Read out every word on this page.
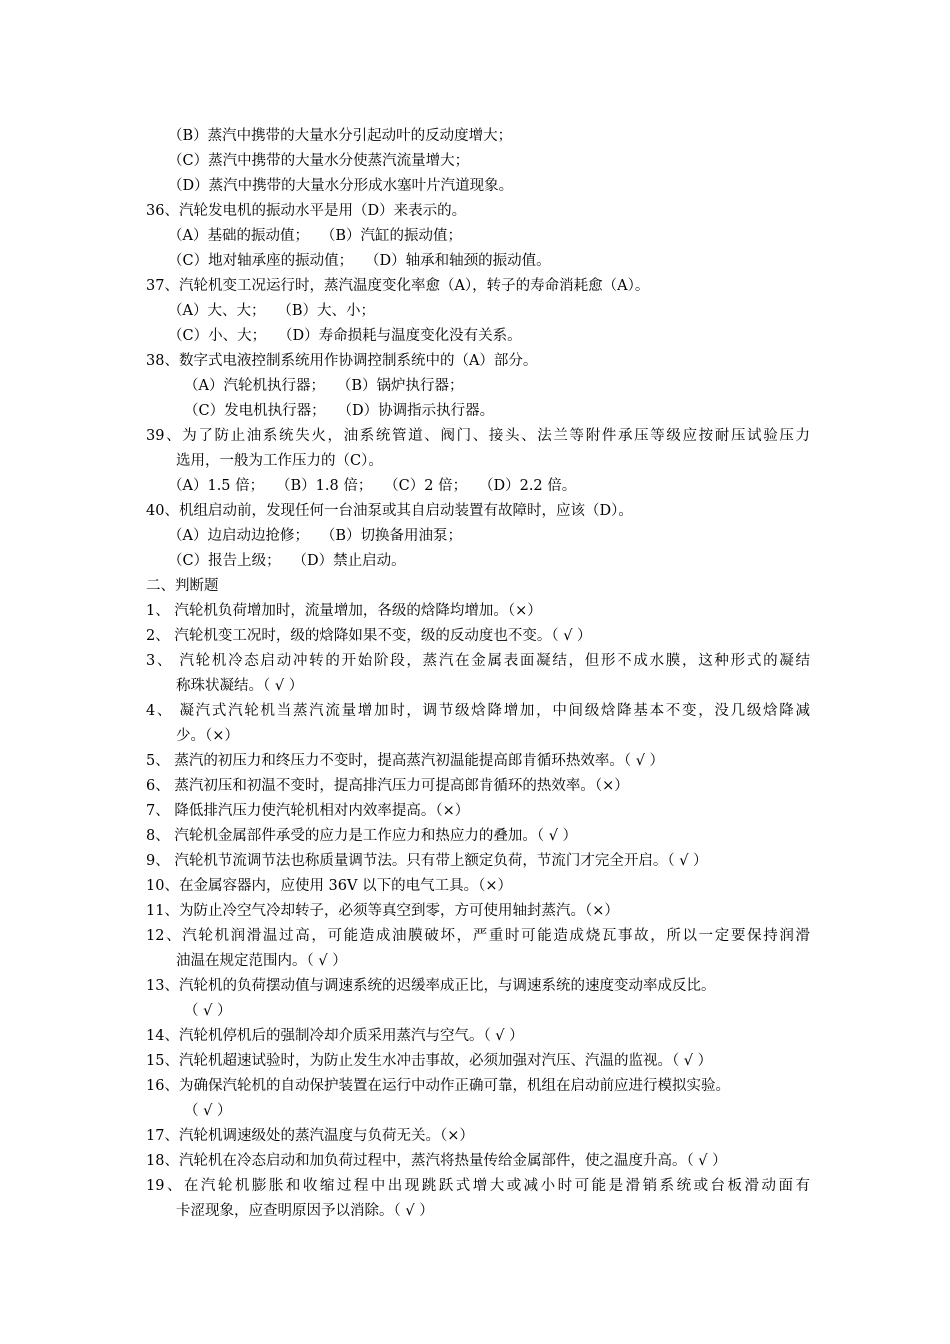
（B）蒸汽中携带的大量水分引起动叶的反动度增大；
（C）蒸汽中携带的大量水分使蒸汽流量增大；
（D）蒸汽中携带的大量水分形成水塞叶片汽道现象。
36、汽轮发电机的振动水平是用（D）来表示的。
（A）基础的振动值；　 （B）汽缸的振动值；
（C）地对轴承座的振动值；　 （D）轴承和轴颈的振动值。
37、汽轮机变工况运行时，蒸汽温度变化率愈（A），转子的寿命消耗愈（A）。
（A）大、大；　 （B）大、小；
（C）小、大；　 （D）寿命损耗与温度变化没有关系。
38、数字式电液控制系统用作协调控制系统中的（A）部分。
（A）汽轮机执行器；　 （B）锅炉执行器；
（C）发电机执行器；　 （D）协调指示执行器。
39、为了防止油系统失火，油系统管道、阀门、接头、法兰等附件承压等级应按耐压试验压力
选用，一般为工作压力的（C）。
（A）1.5 倍；　 （B）1.8 倍；　 （C）2 倍；　 （D）2.2 倍。
40、机组启动前，发现任何一台油泵或其自启动装置有故障时，应该（D）。
（A）边启动边抢修；　 （B）切换备用油泵；
（C）报告上级；　 （D）禁止启动。
二、判断题
1、 汽轮机负荷增加时，流量增加，各级的焓降均增加。（×）
2、 汽轮机变工况时，级的焓降如果不变，级的反动度也不变。（ √ ）
3、 汽轮机冷态启动冲转的开始阶段，蒸汽在金属表面凝结，但形不成水膜，这种形式的凝结
称珠状凝结。（ √ ）
4、 凝汽式汽轮机当蒸汽流量增加时，调节级焓降增加，中间级焓降基本不变，没几级焓降减
少。（×）
5、 蒸汽的初压力和终压力不变时，提高蒸汽初温能提高郎肯循环热效率。（ √ ）
6、 蒸汽初压和初温不变时，提高排汽压力可提高郎肯循环的热效率。（×）
7、 降低排汽压力使汽轮机相对内效率提高。（×）
8、 汽轮机金属部件承受的应力是工作应力和热应力的叠加。（ √ ）
9、 汽轮机节流调节法也称质量调节法。只有带上额定负荷，节流门才完全开启。（ √ ）
10、在金属容器内，应使用 36V 以下的电气工具。（×）
11、为防止冷空气冷却转子，必须等真空到零，方可使用轴封蒸汽。（×）
12、汽轮机润滑温过高，可能造成油膜破坏，严重时可能造成烧瓦事故，所以一定要保持润滑
油温在规定范围内。（ √ ）
13、汽轮机的负荷摆动值与调速系统的迟缓率成正比，与调速系统的速度变动率成反比。
（ √ ）
14、汽轮机停机后的强制冷却介质采用蒸汽与空气。（ √ ）
15、汽轮机超速试验时，为防止发生水冲击事故，必须加强对汽压、汽温的监视。（ √ ）
16、为确保汽轮机的自动保护装置在运行中动作正确可靠，机组在启动前应进行模拟实验。
（ √ ）
17、汽轮机调速级处的蒸汽温度与负荷无关。（×）
18、汽轮机在冷态启动和加负荷过程中，蒸汽将热量传给金属部件，使之温度升高。（ √ ）
19、在汽轮机膨胀和收缩过程中出现跳跃式增大或减小时可能是滑销系统或台板滑动面有
卡涩现象，应查明原因予以消除。（ √ ）
